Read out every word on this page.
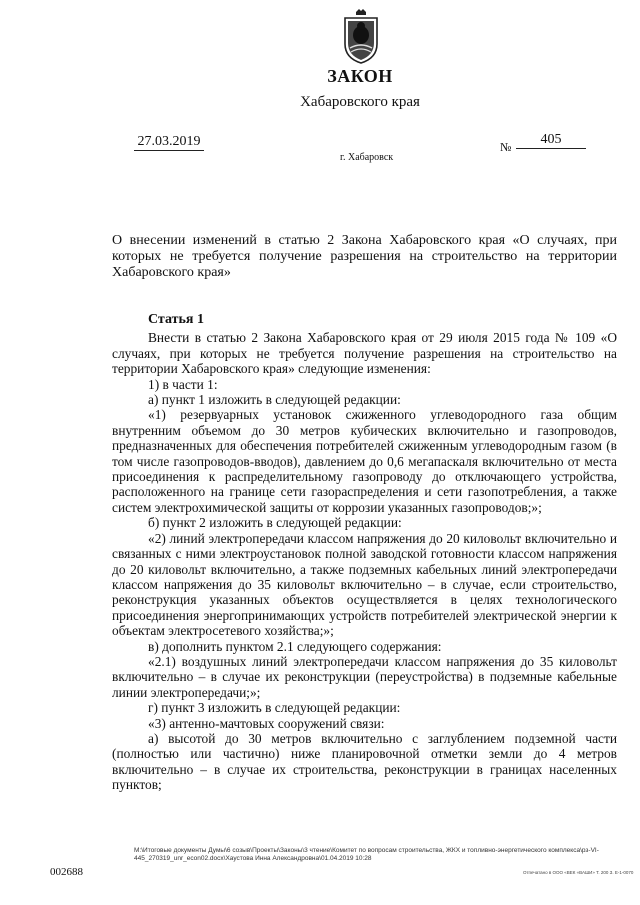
ЗАКОН
Хабаровского края
27.03.2019	№	405
г. Хабаровск
О внесении изменений в статью 2 Закона Хабаровского края «О случаях, при которых не требуется получение разрешения на строительство на территории Хабаровского края»

Статья 1

Внести в статью 2 Закона Хабаровского края от 29 июля 2015 года № 109 «О случаях, при которых не требуется получение разрешения на строительство на территории Хабаровского края» следующие изменения:

1) в части 1:

а) пункт 1 изложить в следующей редакции:

«1) резервуарных установок сжиженного углеводородного газа общим внутренним объемом до 30 метров кубических включительно и газопроводов, предназначенных для обеспечения потребителей сжиженным углеводородным газом (в том числе газопроводов-вводов), давлением до 0,6 мегапаскаля включительно от места присоединения к распределительному газопроводу до отключающего устройства, расположенного на границе сети газораспределения и сети газопотребления, а также систем электрохимической защиты от коррозии указанных газопроводов;»;

б) пункт 2 изложить в следующей редакции:

«2) линий электропередачи классом напряжения до 20 киловольт включительно и связанных с ними электроустановок полной заводской готовности классом напряжения до 20 киловольт включительно, а также подземных кабельных линий электропередачи классом напряжения до 35 киловольт включительно – в случае, если строительство, реконструкция указанных объектов осуществляется в целях технологического присоединения энергопринимающих устройств потребителей электрической энергии к объектам электросетевого хозяйства;»;

в) дополнить пунктом 2.1 следующего содержания:

«2.1) воздушных линий электропередачи классом напряжения до 35 киловольт включительно – в случае их реконструкции (переустройства) в подземные кабельные линии электропередачи;»;

г) пункт 3 изложить в следующей редакции:

«3) антенно-мачтовых сооружений связи:

а) высотой до 30 метров включительно с заглублением подземной части (полностью или частично) ниже планировочной отметки земли до 4 метров включительно – в случае их строительства, реконструкции в границах населенных пунктов;

М:\Итоговые документы Думы\6 созыв\Проекты\Законы\3 чтение\Комитет по вопросам строительства, ЖКХ и топливно-энергетического комплекса\рз-VI-445_270319_unr_econ02.docx\Хаустова Инна Александровна\01.04.2019 10:28
002688	Отпечатано в ООО «ВЕК «ВАШИ» Т. 200 З. Е-1-0070
